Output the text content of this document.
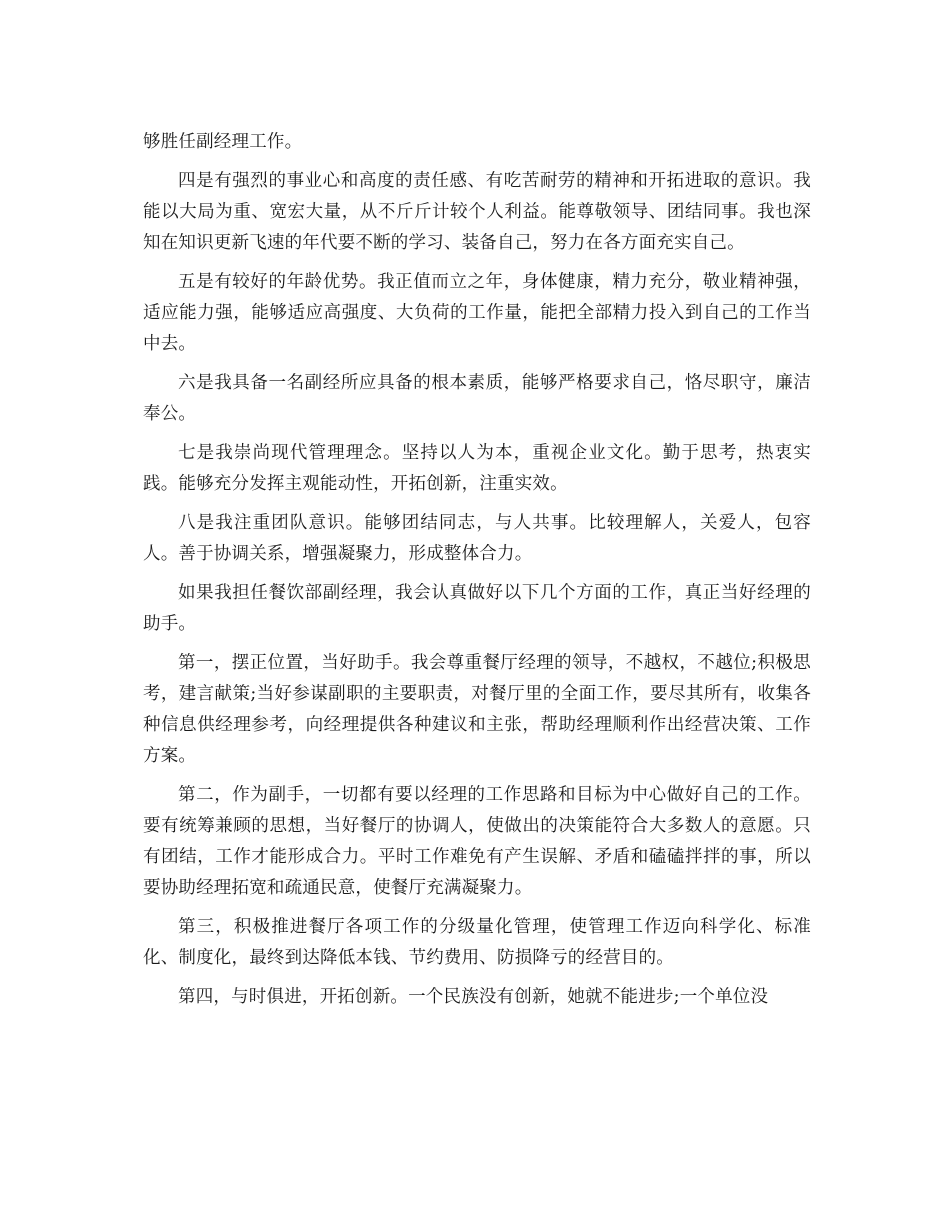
够胜任副经理工作。

四是有强烈的事业心和高度的责任感、有吃苦耐劳的精神和开拓进取的意识。我能以大局为重、宽宏大量，从不斤斤计较个人利益。能尊敬领导、团结同事。我也深知在知识更新飞速的年代要不断的学习、装备自己，努力在各方面充实自己。

五是有较好的年龄优势。我正值而立之年，身体健康，精力充分，敬业精神强，适应能力强，能够适应高强度、大负荷的工作量，能把全部精力投入到自己的工作当中去。

六是我具备一名副经所应具备的根本素质，能够严格要求自己，恪尽职守，廉洁奉公。

七是我崇尚现代管理理念。坚持以人为本，重视企业文化。勤于思考，热衷实践。能够充分发挥主观能动性，开拓创新，注重实效。

八是我注重团队意识。能够团结同志，与人共事。比较理解人，关爱人，包容人。善于协调关系，增强凝聚力，形成整体合力。

如果我担任餐饮部副经理，我会认真做好以下几个方面的工作，真正当好经理的助手。

第一，摆正位置，当好助手。我会尊重餐厅经理的领导，不越权，不越位;积极思考，建言献策;当好参谋副职的主要职责，对餐厅里的全面工作，要尽其所有，收集各种信息供经理参考，向经理提供各种建议和主张，帮助经理顺利作出经营决策、工作方案。

第二，作为副手，一切都有要以经理的工作思路和目标为中心做好自己的工作。要有统筹兼顾的思想，当好餐厅的协调人，使做出的决策能符合大多数人的意愿。只有团结，工作才能形成合力。平时工作难免有产生误解、矛盾和磕磕拌拌的事，所以要协助经理拓宽和疏通民意，使餐厅充满凝聚力。

第三，积极推进餐厅各项工作的分级量化管理，使管理工作迈向科学化、标准化、制度化，最终到达降低本钱、节约费用、防损降亏的经营目的。

第四，与时俱进，开拓创新。一个民族没有创新，她就不能进步;一个单位没
